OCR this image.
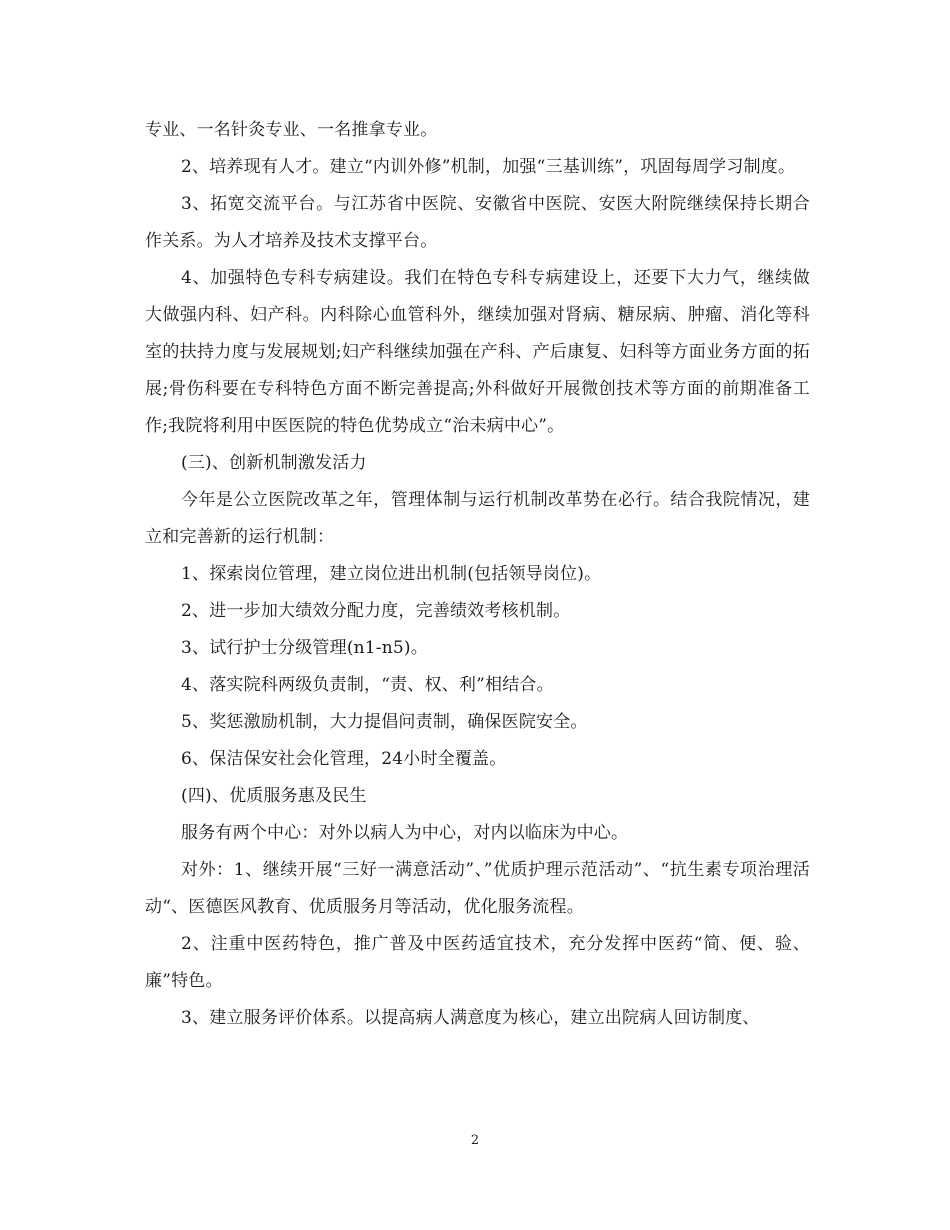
专业、一名针灸专业、一名推拿专业。

2、培养现有人才。建立“内训外修”机制，加强“三基训练”，巩固每周学习制度。

3、拓宽交流平台。与江苏省中医院、安徽省中医院、安医大附院继续保持长期合作关系。为人才培养及技术支撑平台。

4、加强特色专科专病建设。我们在特色专科专病建设上，还要下大力气，继续做大做强内科、妇产科。内科除心血管科外，继续加强对肾病、糖尿病、肿瘤、消化等科室的扶持力度与发展规划;妇产科继续加强在产科、产后康复、妇科等方面业务方面的拓展;骨伤科要在专科特色方面不断完善提高;外科做好开展微创技术等方面的前期准备工作;我院将利用中医医院的特色优势成立“治未病中心”。

(三)、创新机制激发活力

今年是公立医院改革之年，管理体制与运行机制改革势在必行。结合我院情况，建立和完善新的运行机制：

1、探索岗位管理，建立岗位进出机制(包括领导岗位)。

2、进一步加大绩效分配力度，完善绩效考核机制。

3、试行护士分级管理(n1-n5)。

4、落实院科两级负责制，“责、权、利”相结合。

5、奖惩激励机制，大力提倡问责制，确保医院安全。

6、保洁保安社会化管理，24小时全覆盖。

(四)、优质服务惠及民生

服务有两个中心：对外以病人为中心，对内以临床为中心。

对外：1、继续开展“三好一满意活动”、”优质护理示范活动”、“抗生素专项治理活动“、医德医风教育、优质服务月等活动，优化服务流程。

2、注重中医药特色，推广普及中医药适宜技术，充分发挥中医药“简、便、验、廉”特色。

3、建立服务评价体系。以提高病人满意度为核心，建立出院病人回访制度、

2
